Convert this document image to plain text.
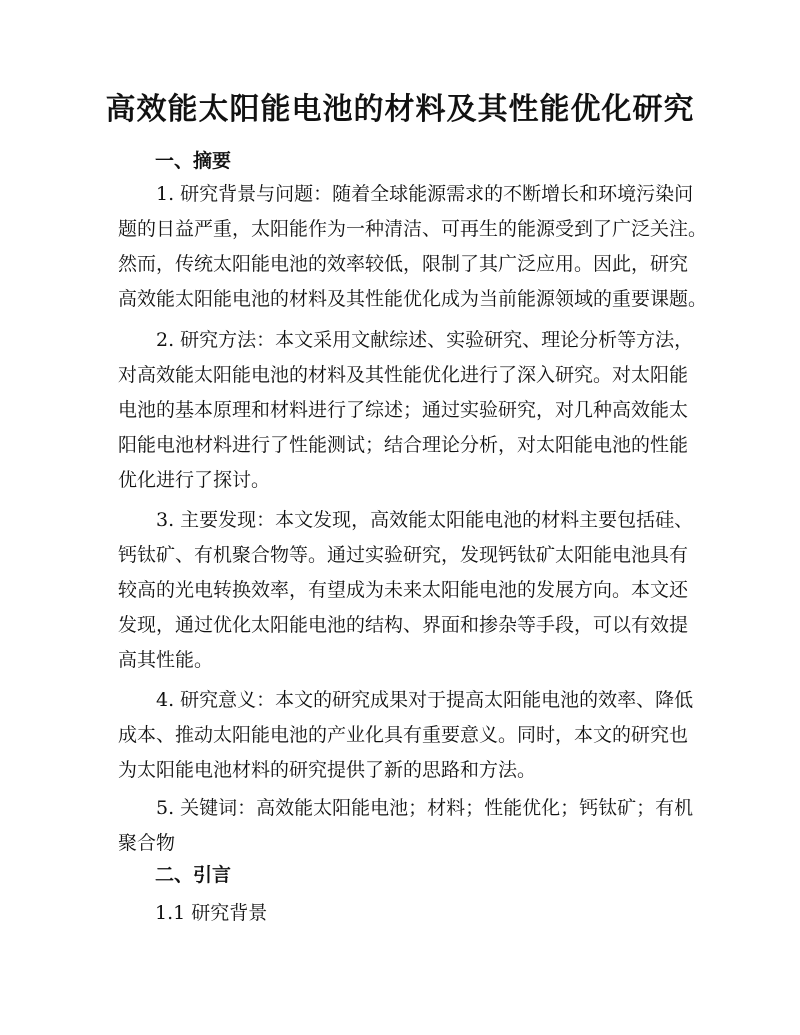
高效能太阳能电池的材料及其性能优化研究
一、摘要
1. 研究背景与问题：随着全球能源需求的不断增长和环境污染问
题的日益严重，太阳能作为一种清洁、可再生的能源受到了广泛关注。
然而，传统太阳能电池的效率较低，限制了其广泛应用。因此，研究
高效能太阳能电池的材料及其性能优化成为当前能源领域的重要课题。
2. 研究方法：本文采用文献综述、实验研究、理论分析等方法，
对高效能太阳能电池的材料及其性能优化进行了深入研究。对太阳能
电池的基本原理和材料进行了综述；通过实验研究，对几种高效能太
阳能电池材料进行了性能测试；结合理论分析，对太阳能电池的性能
优化进行了探讨。
3. 主要发现：本文发现，高效能太阳能电池的材料主要包括硅、
钙钛矿、有机聚合物等。通过实验研究，发现钙钛矿太阳能电池具有
较高的光电转换效率，有望成为未来太阳能电池的发展方向。本文还
发现，通过优化太阳能电池的结构、界面和掺杂等手段，可以有效提
高其性能。
4. 研究意义：本文的研究成果对于提高太阳能电池的效率、降低
成本、推动太阳能电池的产业化具有重要意义。同时，本文的研究也
为太阳能电池材料的研究提供了新的思路和方法。
5. 关键词：高效能太阳能电池；材料；性能优化；钙钛矿；有机
聚合物
二、引言
1.1 研究背景
